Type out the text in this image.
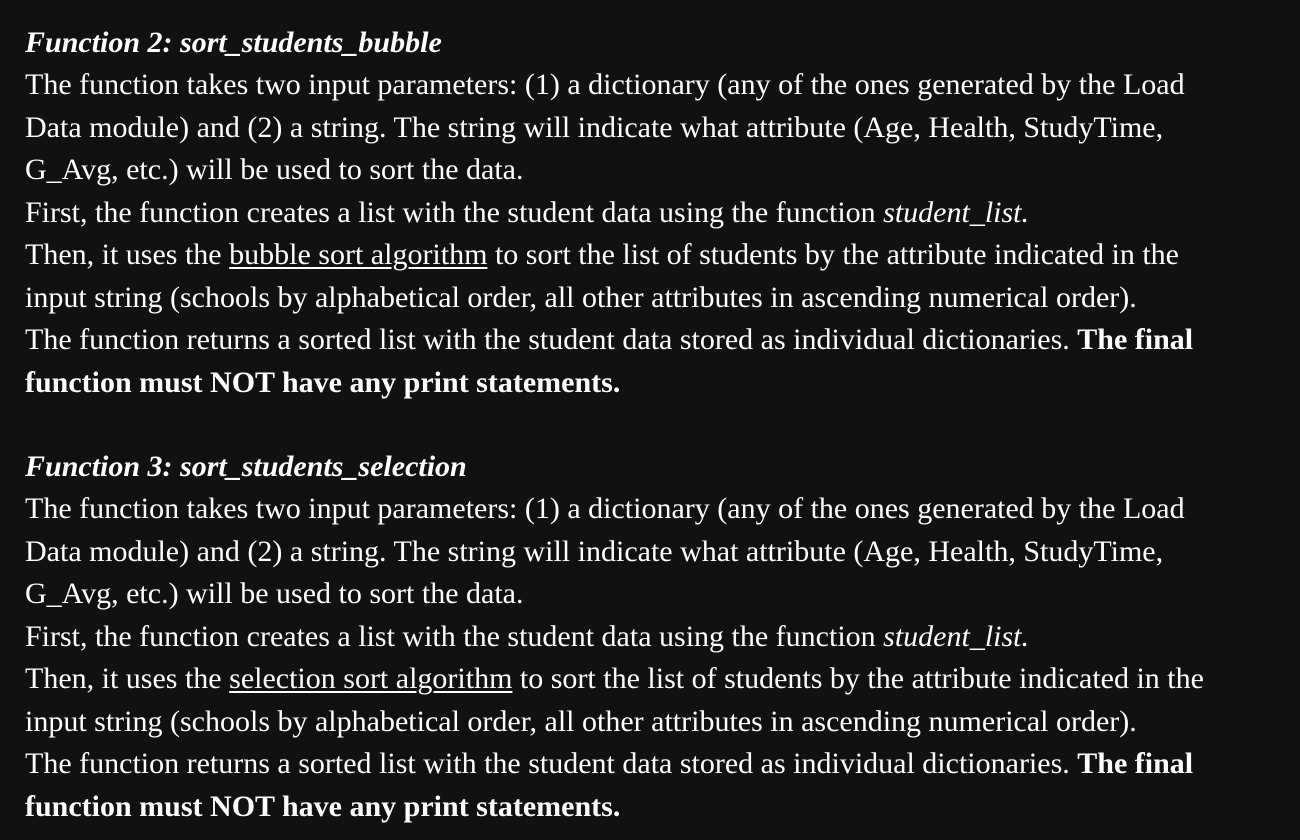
Function 2: sort_students_bubble
The function takes two input parameters: (1) a dictionary (any of the ones generated by the Load
Data module) and (2) a string. The string will indicate what attribute (Age, Health, StudyTime,
G_Avg, etc.) will be used to sort the data.
First, the function creates a list with the student data using the function student_list.
Then, it uses the bubble sort algorithm to sort the list of students by the attribute indicated in the
input string (schools by alphabetical order, all other attributes in ascending numerical order).
The function returns a sorted list with the student data stored as individual dictionaries. The final
function must NOT have any print statements.
Function 3: sort_students_selection
The function takes two input parameters: (1) a dictionary (any of the ones generated by the Load
Data module) and (2) a string. The string will indicate what attribute (Age, Health, StudyTime,
G_Avg, etc.) will be used to sort the data.
First, the function creates a list with the student data using the function student_list.
Then, it uses the selection sort algorithm to sort the list of students by the attribute indicated in the
input string (schools by alphabetical order, all other attributes in ascending numerical order).
The function returns a sorted list with the student data stored as individual dictionaries. The final
function must NOT have any print statements.
